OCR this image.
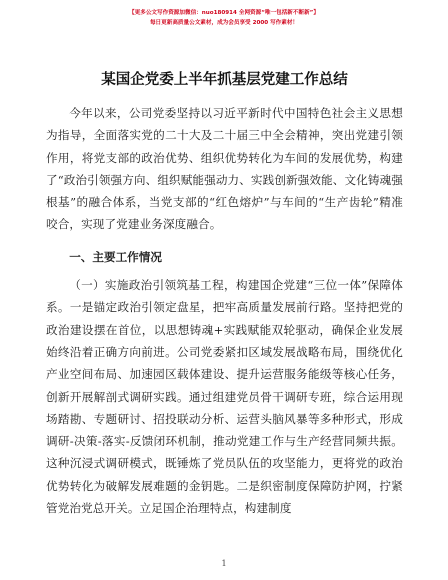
【更多公文写作资源加微信：nuo180914 全网资源“唯一包括新不断新”】
每日更新高质量公文素材，成为会员享受 2000 写作素材！
某国企党委上半年抓基层党建工作总结

今年以来，公司党委坚持以习近平新时代中国特色社会主义思想为指导，全面落实党的二十大及二十届三中全会精神，突出党建引领作用，将党支部的政治优势、组织优势转化为车间的发展优势，构建了“政治引领强方向、组织赋能强动力、实践创新强效能、文化铸魂强根基”的融合体系，当党支部的“红色熔炉”与车间的“生产齿轮”精准咬合，实现了党建业务深度融合。

一、主要工作情况

（一）实施政治引领筑基工程，构建国企党建“三位一体”保障体系。一是锚定政治引领定盘星，把牢高质量发展前行路。坚持把党的政治建设摆在首位，以思想铸魂+实践赋能双轮驱动，确保企业发展始终沿着正确方向前进。公司党委紧扣区域发展战略布局，围绕优化产业空间布局、加速园区载体建设、提升运营服务能级等核心任务，创新开展解剖式调研实践。通过组建党员骨干调研专班，综合运用现场踏勘、专题研讨、招投联动分析、运营头脑风暴等多种形式，形成调研-决策-落实-反馈闭环机制，推动党建工作与生产经营同频共振。这种沉浸式调研模式，既锤炼了党员队伍的攻坚能力，更将党的政治优势转化为破解发展难题的金钥匙。二是织密制度保障防护网，拧紧管党治党总开关。立足国企治理特点，构建制度

1
